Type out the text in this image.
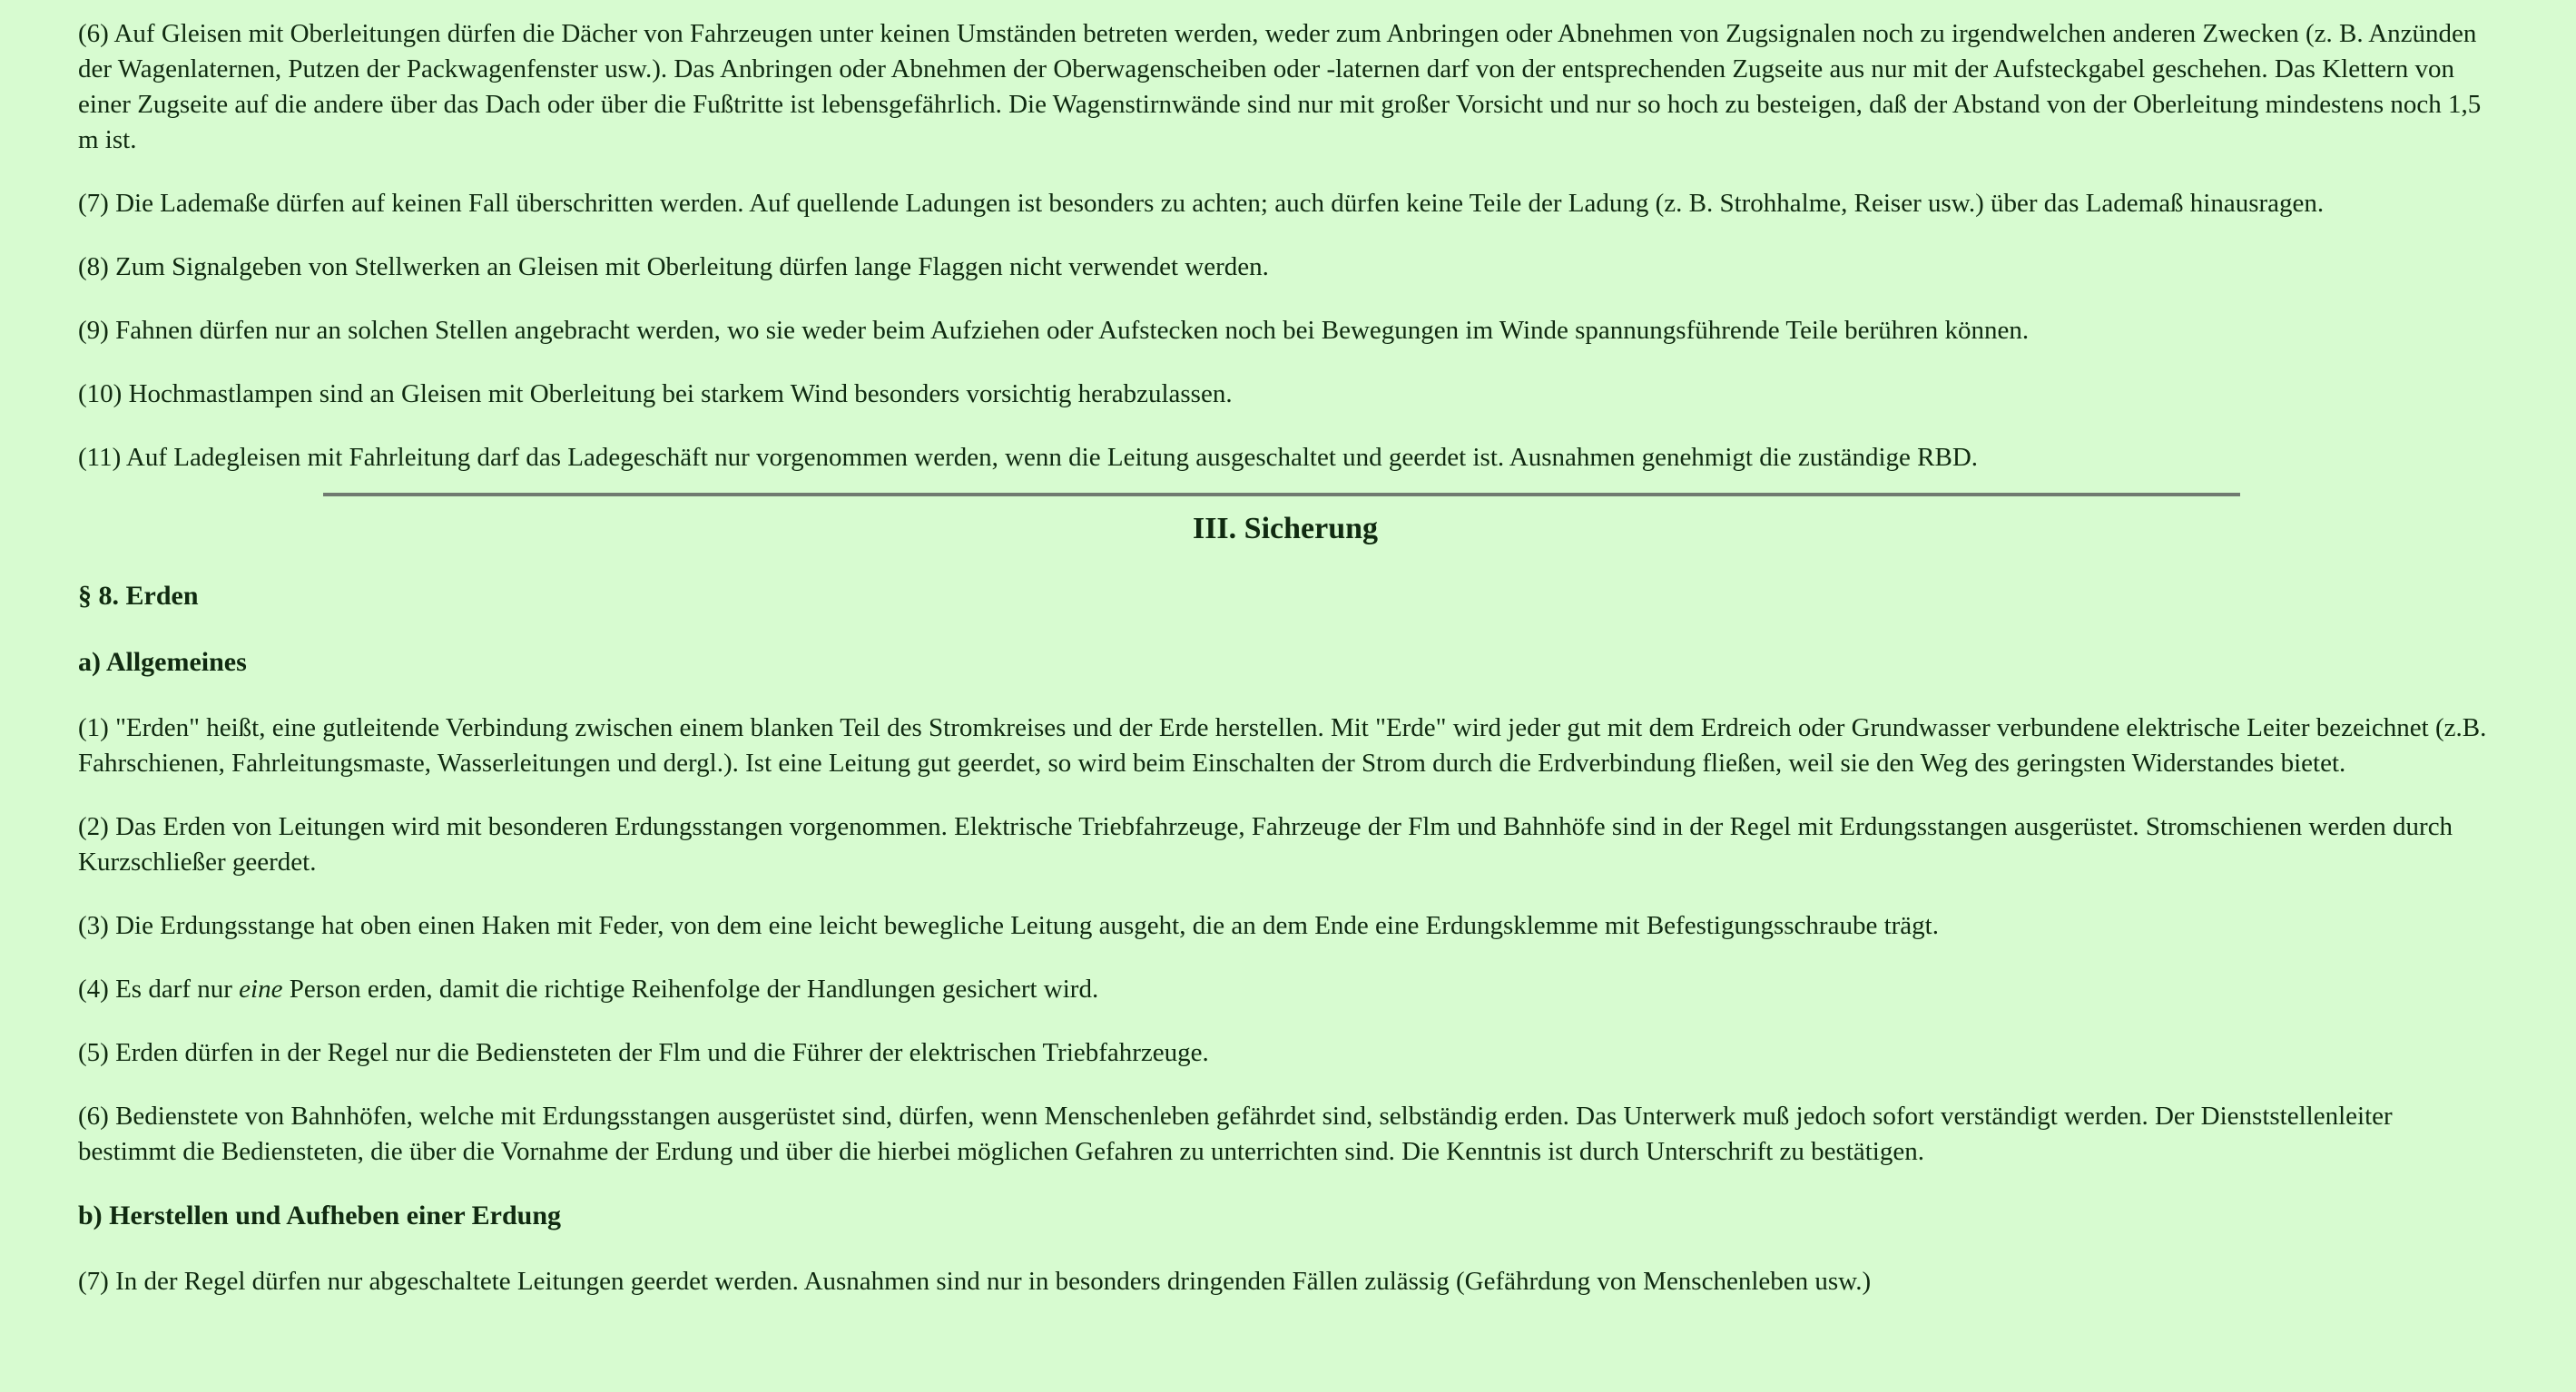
(6) Auf Gleisen mit Oberleitungen dürfen die Dächer von Fahrzeugen unter keinen Umständen betreten werden, weder zum Anbringen oder Abnehmen von Zugsignalen noch zu irgendwelchen anderen Zwecken (z. B. Anzünden der Wagenlaternen, Putzen der Packwagenfenster usw.). Das Anbringen oder Abnehmen der Oberwagenscheiben oder -laternen darf von der entsprechenden Zugseite aus nur mit der Aufsteckgabel geschehen. Das Klettern von einer Zugseite auf die andere über das Dach oder über die Fußtritte ist lebensgefährlich. Die Wagenstirnwände sind nur mit großer Vorsicht und nur so hoch zu besteigen, daß der Abstand von der Oberleitung mindestens noch 1,5 m ist.

(7) Die Lademaße dürfen auf keinen Fall überschritten werden. Auf quellende Ladungen ist besonders zu achten; auch dürfen keine Teile der Ladung (z. B. Strohhalme, Reiser usw.) über das Lademaß hinausragen.

(8) Zum Signalgeben von Stellwerken an Gleisen mit Oberleitung dürfen lange Flaggen nicht verwendet werden.

(9) Fahnen dürfen nur an solchen Stellen angebracht werden, wo sie weder beim Aufziehen oder Aufstecken noch bei Bewegungen im Winde spannungsführende Teile berühren können.

(10) Hochmastlampen sind an Gleisen mit Oberleitung bei starkem Wind besonders vorsichtig herabzulassen.

(11) Auf Ladegleisen mit Fahrleitung darf das Ladegeschäft nur vorgenommen werden, wenn die Leitung ausgeschaltet und geerdet ist. Ausnahmen genehmigt die zuständige RBD.

III. Sicherung
§ 8. Erden
a) Allgemeines

(1) "Erden" heißt, eine gutleitende Verbindung zwischen einem blanken Teil des Stromkreises und der Erde herstellen. Mit "Erde" wird jeder gut mit dem Erdreich oder Grundwasser verbundene elektrische Leiter bezeichnet (z.B. Fahrschienen, Fahrleitungsmaste, Wasserleitungen und dergl.). Ist eine Leitung gut geerdet, so wird beim Einschalten der Strom durch die Erdverbindung fließen, weil sie den Weg des geringsten Widerstandes bietet.

(2) Das Erden von Leitungen wird mit besonderen Erdungsstangen vorgenommen. Elektrische Triebfahrzeuge, Fahrzeuge der Flm und Bahnhöfe sind in der Regel mit Erdungsstangen ausgerüstet. Stromschienen werden durch Kurzschließer geerdet.

(3) Die Erdungsstange hat oben einen Haken mit Feder, von dem eine leicht bewegliche Leitung ausgeht, die an dem Ende eine Erdungsklemme mit Befestigungsschraube trägt.

(4) Es darf nur eine Person erden, damit die richtige Reihenfolge der Handlungen gesichert wird.

(5) Erden dürfen in der Regel nur die Bediensteten der Flm und die Führer der elektrischen Triebfahrzeuge.

(6) Bedienstete von Bahnhöfen, welche mit Erdungsstangen ausgerüstet sind, dürfen, wenn Menschenleben gefährdet sind, selbständig erden. Das Unterwerk muß jedoch sofort verständigt werden. Der Dienststellenleiter bestimmt die Bediensteten, die über die Vornahme der Erdung und über die hierbei möglichen Gefahren zu unterrichten sind. Die Kenntnis ist durch Unterschrift zu bestätigen.

b) Herstellen und Aufheben einer Erdung

(7) In der Regel dürfen nur abgeschaltete Leitungen geerdet werden. Ausnahmen sind nur in besonders dringenden Fällen zulässig (Gefährdung von Menschenleben usw.)
